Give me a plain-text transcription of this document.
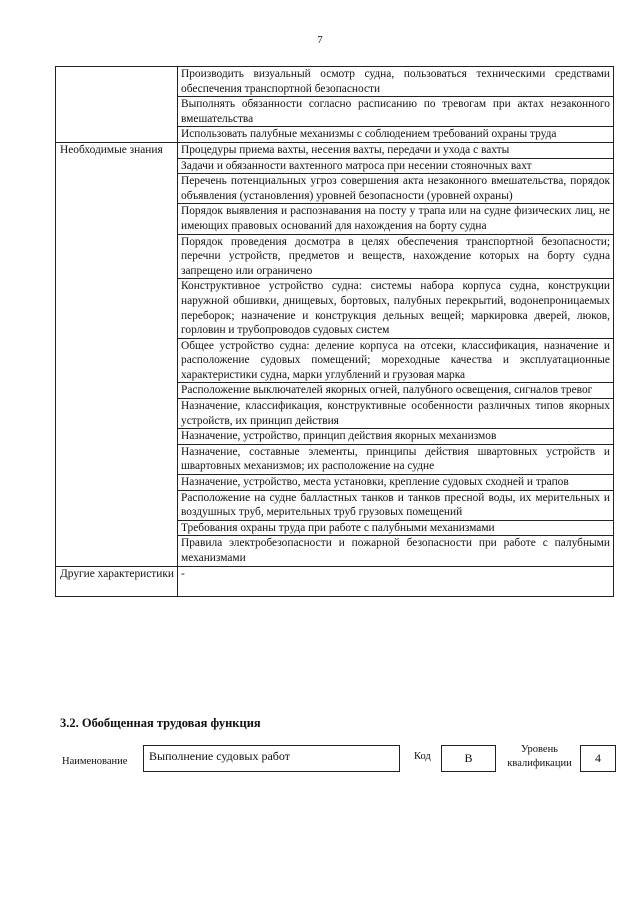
7
	Производить визуальный осмотр судна, пользоваться техническими средствами обеспечения транспортной безопасности
	Выполнять обязанности согласно расписанию по тревогам при актах незаконного вмешательства
	Использовать палубные механизмы с соблюдением требований охраны труда
Необходимые знания	Процедуры приема вахты, несения вахты, передачи и ухода с вахты
	Задачи и обязанности вахтенного матроса при несении стояночных вахт
	Перечень потенциальных угроз совершения акта незаконного вмешательства, порядок объявления (установления) уровней безопасности (уровней охраны)
	Порядок выявления и распознавания на посту у трапа или на судне физических лиц, не имеющих правовых оснований для нахождения на борту судна
	Порядок проведения досмотра в целях обеспечения транспортной безопасности; перечни устройств, предметов и веществ, нахождение которых на борту судна запрещено или ограничено
	Конструктивное устройство судна: системы набора корпуса судна, конструкции наружной обшивки, днищевых, бортовых, палубных перекрытий, водонепроницаемых переборок; назначение и конструкция дельных вещей; маркировка дверей, люков, горловин и трубопроводов судовых систем
	Общее устройство судна: деление корпуса на отсеки, классификация, назначение и расположение судовых помещений; мореходные качества и эксплуатационные характеристики судна, марки углублений и грузовая марка
	Расположение выключателей якорных огней, палубного освещения, сигналов тревог
	Назначение, классификация, конструктивные особенности различных типов якорных устройств, их принцип действия
	Назначение, устройство, принцип действия якорных механизмов
	Назначение, составные элементы, принципы действия швартовных устройств и швартовных механизмов; их расположение на судне
	Назначение, устройство, места установки, крепление судовых сходней и трапов
	Расположение на судне балластных танков и танков пресной воды, их мерительных и воздушных труб, мерительных труб грузовых помещений
	Требования охраны труда при работе с палубными механизмами
	Правила электробезопасности и пожарной безопасности при работе с палубными механизмами
Другие характеристики	-
3.2. Обобщенная трудовая функция
Наименование	Выполнение судовых работ	Код	B
Уровень квалификации	4
